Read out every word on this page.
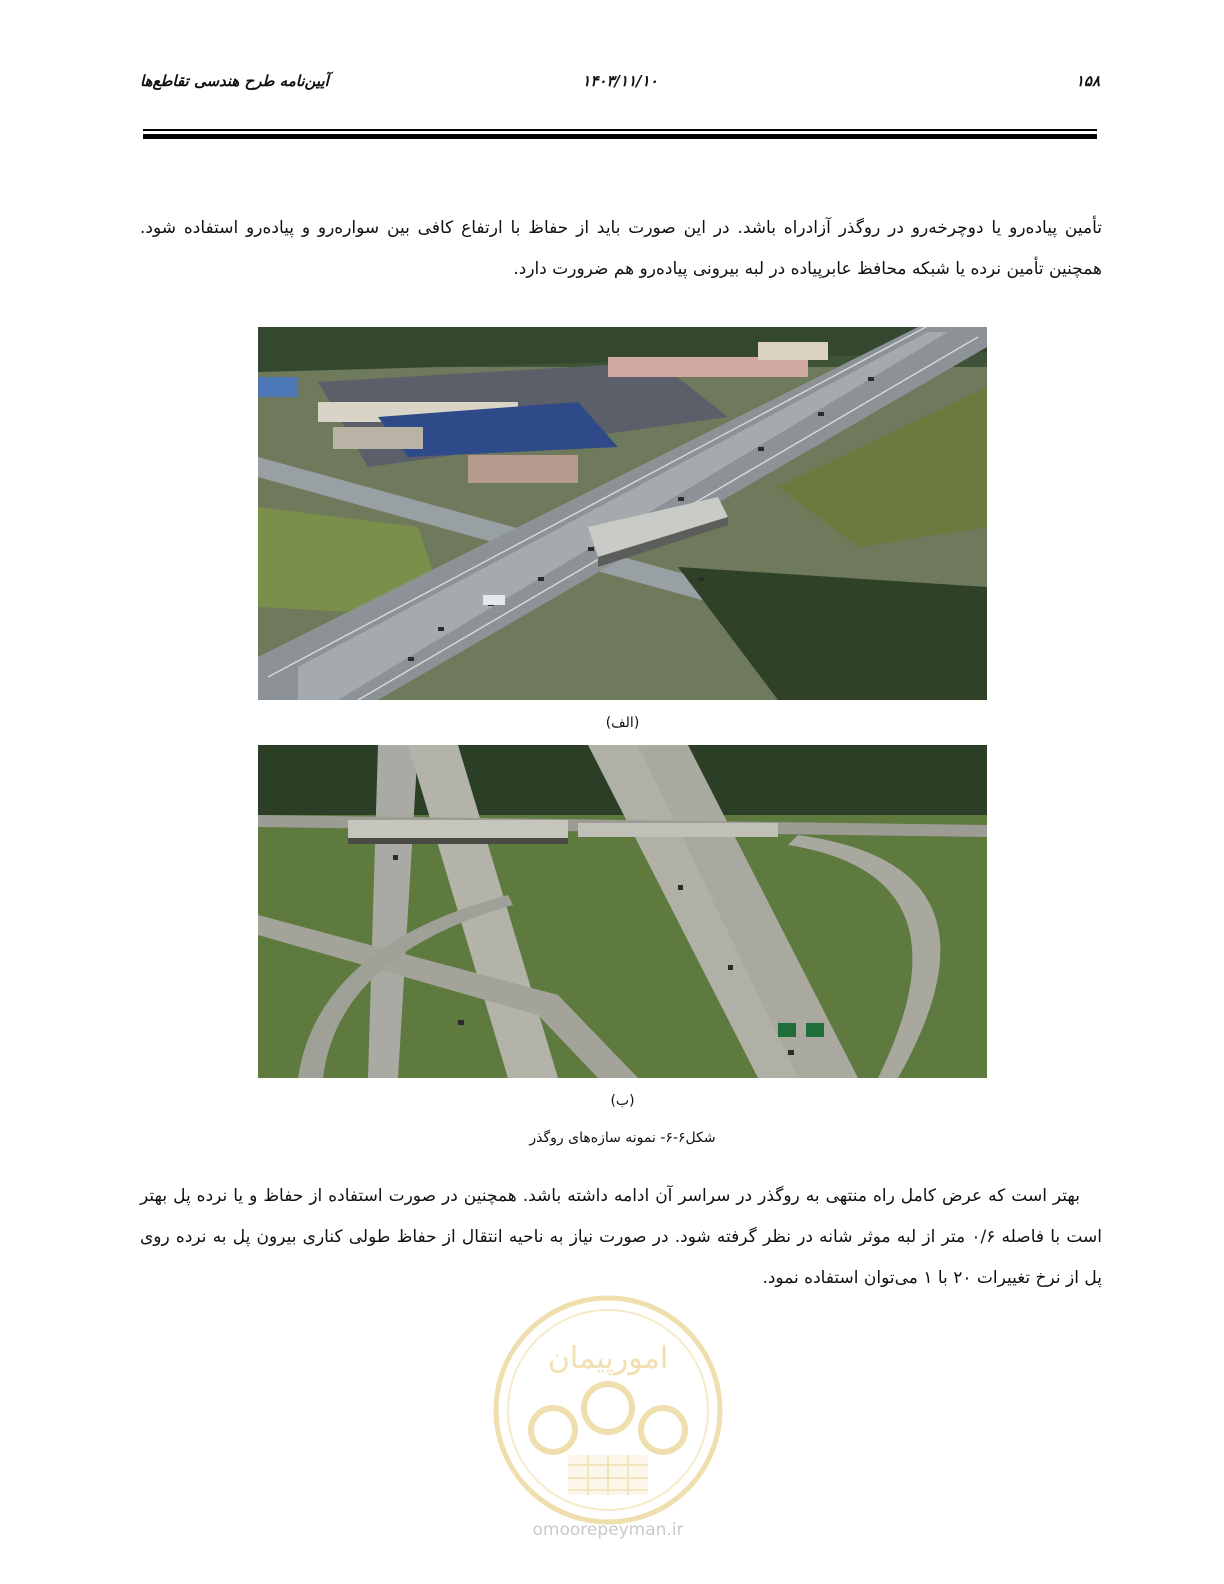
۱۵۸
۱۴۰۳/۱۱/۱۰
آیین‌نامه طرح هندسی تقاطع‌ها

تأمین پیاده‌رو یا دوچرخه‌رو در روگذر آزادراه باشد. در این صورت باید از حفاظ با ارتفاع کافی بین سواره‌رو و پیاده‌رو استفاده شود. همچنین تأمین نرده یا شبکه محافظ عابرپیاده در لبه بیرونی پیاده‌رو هم ضرورت دارد.

(الف)
(ب)
شکل۶-۶- نمونه سازه‌های روگذر

بهتر است که عرض کامل راه منتهی به روگذر در سراسر آن ادامه داشته باشد. همچنین در صورت استفاده از حفاظ و یا نرده پل بهتر است با فاصله ۰/۶ متر از لبه موثر شانه در نظر گرفته شود. در صورت نیاز به ناحیه انتقال از حفاظ طولی کناری بیرون پل به نرده روی پل از نرخ تغییرات ۲۰ با ۱ می‌توان استفاده نمود.

امورپیمان
omoorepeyman.ir
